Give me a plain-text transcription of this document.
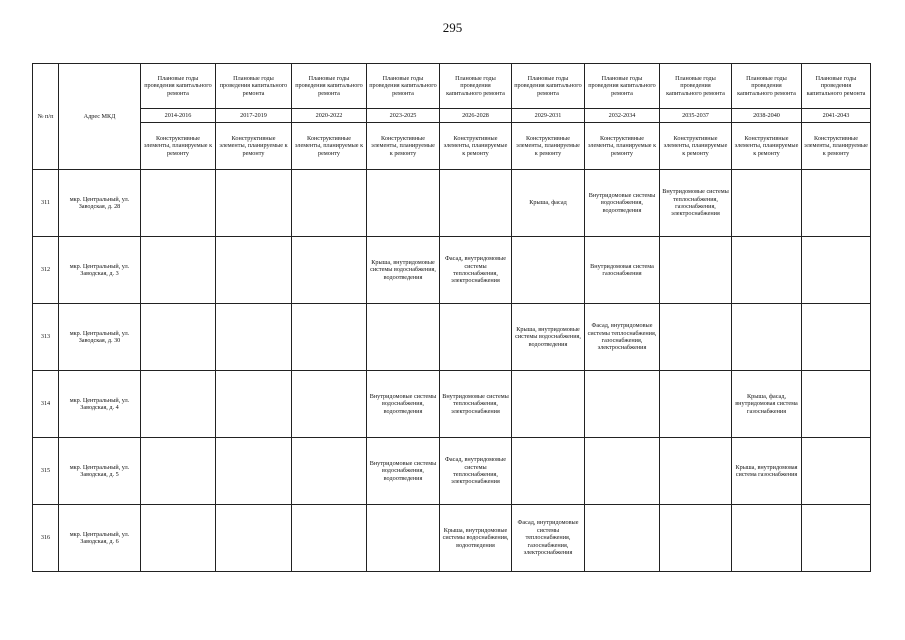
295
№ п/п	Адрес МКД	Плановые годы проведения капитального ремонта	Плановые годы проведения капитального ремонта	Плановые годы проведения капитального ремонта	Плановые годы проведения капитального ремонта	Плановые годы проведения капитального ремонта	Плановые годы проведения капитального ремонта	Плановые годы проведения капитального ремонта	Плановые годы проведения капитального ремонта	Плановые годы проведения капитального ремонта	Плановые годы проведения капитального ремонта
		2014-2016	2017-2019	2020-2022	2023-2025	2026-2028	2029-2031	2032-2034	2035-2037	2038-2040	2041-2043
		Конструктивные элементы, планируемые к ремонту	Конструктивные элементы, планируемые к ремонту	Конструктивные элементы, планируемые к ремонту	Конструктивные элементы, планируемые к ремонту	Конструктивные элементы, планируемые к ремонту	Конструктивные элементы, планируемые к ремонту	Конструктивные элементы, планируемые к ремонту	Конструктивные элементы, планируемые к ремонту	Конструктивные элементы, планируемые к ремонту	Конструктивные элементы, планируемые к ремонту
311	мкр. Центральный, ул. Заводская, д. 28						Крыша, фасад	Внутридомовые системы водоснабжения, водоотведения	Внутридомовые системы теплоснабжения, газоснабжения, электроснабжения		
312	мкр. Центральный, ул. Заводская, д. 3				Крыша, внутридомовые системы водоснабжения, водоотведения	Фасад, внутридомовые системы теплоснабжения, электроснабжения		Внутридомовая система газоснабжения			
313	мкр. Центральный, ул. Заводская, д. 30						Крыша, внутридомовые системы водоснабжения, водоотведения	Фасад, внутридомовые системы теплоснабжения, газоснабжения, электроснабжения			
314	мкр. Центральный, ул. Заводская, д. 4				Внутридомовые системы водоснабжения, водоотведения	Внутридомовые системы теплоснабжения, электроснабжения				Крыша, фасад, внутридомовая система газоснабжения	
315	мкр. Центральный, ул. Заводская, д. 5				Внутридомовые системы водоснабжения, водоотведения	Фасад, внутридомовые системы теплоснабжения, электроснабжения				Крыша, внутридомовая система газоснабжения	
316	мкр. Центральный, ул. Заводская, д. 6					Крыша, внутридомовые системы водоснабжения, водоотведения	Фасад, внутридомовые системы теплоснабжения, газоснабжения, электроснабжения				
